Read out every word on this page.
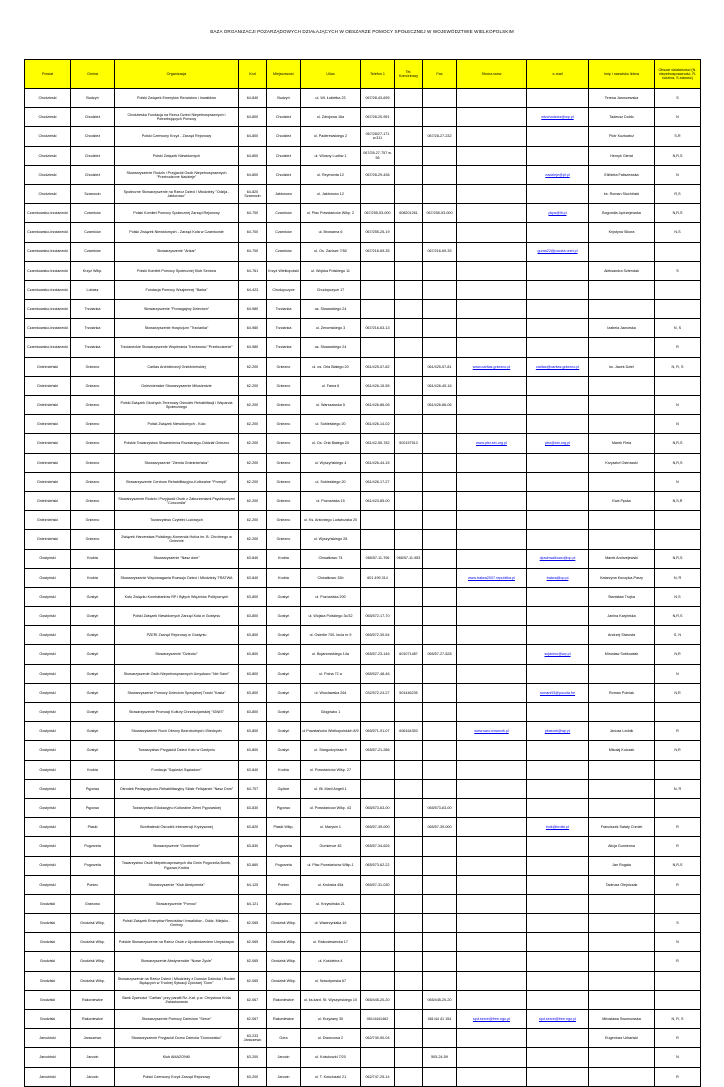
BAZA ORGANIZACJI POZARZĄDOWYCH DZIAŁAJĄCYCH W OBSZARZE POMOCY SPOŁECZNEJ W WOJEWÓDZTWIE WIELKOPOLSKIM
Powiat	Gmina	Organizacja	Kod	Miejscowość	Ulica	Telefon 1	Tel. Komórkowy	Fax	Strona www	e-mail	imię i nazwisko lidera	Obszar działalności (N-niepełnosprawność, R-rodzina, S-starość)
Chodzieski	Budzyń	Polski Związek Emerytów Rencistów i Inwalidów	64-840	Budzyń	ul. Wł. Łokietka 23	067/28-43-695					Teresa Jaroszewska	S
Chodzieski	Chodzież	Chodzieska Fundacja na Rzecz Dzieci Niepełnosprawnych i Potrzebujących Pomocy	64-800	Chodzież	ul. Zdrojowa 16a	067/28-20-951				wtzchodziez@wp.pl	Tadeusz Doldo	N
Chodzieski	Chodzież	Polski Czerwony Krzyż - Zarząd Rejonowy	64-800	Chodzież	ul. Paderewskiego 2	067/28/27-171 w.311		067/28-27-232			Piotr Kozłowicz	S,R
Chodzieski	Chodzież	Polski Związek Niewidomych	64-800	Chodzież	ul. Wiosny Ludów 1	067/28-27-757 w. 55					Henryk Gierat	N,R,S
Chodzieski	Chodzież	Stowarzyszenie Rodzin i Przyjaciół Osób Niepełnosprawnych "Przebudzone Nadzieje"	64-800	Chodzież	ul. Reymonta 12	067/28-29-436				nadzieje@pf.pl	Elżbieta Faliszewska	N
Chodzieski	Szamocin	Społeczne Stowarzyszenie na Rzecz Dzieci i Młodzieży "Odzija - Jaktorowo"	64-820 Szamocin	Jaktorowo	ul. Jaktorowo 12						ks. Roman Słuchiński	R,S
Czarnkowsko-trzcianecki	Czarnków	Polski Komitet Pomocy Społecznej Zarząd Rejonowy	64-700	Czarnków	ul. Plac Powstańców Wlkp. 2	067/255-53-000	608201261	067/255-53-000		pkps@lit.pl	Bogumiła Jędrzejewska	N,R,S
Czarnkowsko-trzcianecki	Czarnków	Polski Związek Niewidomych - Zarząd Koła w Czarnkowie	64-700	Czarnków	ul. Browarna 6	067/255-25-19					Krystyna Sikora	N,S
Czarnkowsko-trzcianecki	Czarnków	Stowarzyszenie "Ankar"	64-700	Czarnków	ul. Os. Zacisze 7/50	067/216-69-35		067/216-69-35		guma22@poczta.onet.pl		
Czarnkowsko-trzcianecki	Krzyż Wlkp.	Polski Komitet Pomocy Społecznej Klub Seniora	64-761	Krzyż Wielkopolski	ul. Wojska Polskiego 11						Aleksandra Sztendak	S
Czarnkowsko-trzcianecki	Lubasz	Fundacja Pomocy Wzajemnej "Barka"	64-423	Chudopczyce	Chudopczyce 17							
Czarnkowsko-trzcianecki	Trzcianka	Stowarzyszenie "Pomagajmy Dzieciom"	64-980	Trzcianka	os. Słowackiego 24							
Czarnkowsko-trzcianecki	Trzcianka	Stowarzyszenie Hospicjum "Trzcianka"	64-980	Trzcianka	ul. Żeromskiego 3	067/216-63-13					Izabela Jaworska	N, S
Czarnkowsko-trzcianecki	Trzcianka	Trzcianeckie Stowarzyszenie Wspierania Trzeźwości "Przebudzenie"	64-980	Trzcianka	os. Słowackiego 24							R
Gnieźnieński	Gniezno	Caritas Archidiecezji Gnieźnieńskiej	62-200	Gniezno	ul. os. Orla Białego 20	061/425-57-82		061/425-57-81	www.caritas.gniezno.pl	caritas@caritas.gniezno.pl	ks. Jacek Dziel	N, R, S
Gnieźnieński	Gniezno	Gnieźnieńskie Stowarzyszenie Milosierdzie	62-200	Gniezno	ul. Fama 6	061/426-15-55		061/426-45-16				
Gnieźnieński	Gniezno	Polski Związek Głuchych-Terenowy Ośrodek Rehabilitacji i Wsparcia Społecznego	62-200	Gniezno	ul. Warszawska 5	061/426-86-06		061/426-86-06				N
Gnieźnieński	Gniezno	Polski Związek Niewidomych - Koło	62-200	Gniezno	ul. Sobieskiego 20	061/426-14-02						N
Gnieźnieński	Gniezno	Polskie Towarzystwo Stwardnienia Rozsianego-Oddział Gniezno	62-200	Gniezno	ul. Os. Orla Białego 20	061/42-55-782	502157513		www.ptsr.stn.org.pl	ptsr@stn.org.pl	Marek Fiela	N,R,S
Gnieźnieński	Gniezno	Stowarzyszenie "Ziemia Gnieźnieńska"	62-200	Gniezno	ul. Wyszyńskiego 4	061/426-44-15					Krzysztof Ostrowski	N,R,S
Gnieźnieński	Gniezno	Stowarzyszenie Centrum Rehabilitacyjno-Kulturalne "Promyk"	62-200	Gniezno	ul. Sobieskiego 20	061/426-17-27						N
Gnieźnieński	Gniezno	Stowarzyszenie Rodzin i Przyjaciół Osób z Zaburzeniami Psychicznymi "Concordia"	62-200	Gniezno	ul. Poznańska 15	061/423-85-00					Ewa Pęska	N,S,R
Gnieźnieński	Gniezno	Towarzystwo Czytelni Ludowych	62-200	Gniezno	ul. Ks. Antoniego Ludwiczaka 20							
Gnieźnieński	Gniezno	Związek Harcerstwa Polskiego-Komenda Hufca im. B. Chrobrego w Gnieźnie	62-200	Gniezno	ul. Wyszyńskiego 28							
Gostyński	Krobia	Stowarzyszenie "Nasz dom"	63-840	Krobia	Chwałkowo 74	065/57-11-706	065/57-11-953			dpschwalkowo@op.pl	Marek Andrzejewski	N,R,S
Gostyński	Krobia	Stowarzyszenie Wspomagania Rozwoju Dzieci i Młodzieży TRATWA	63-840	Krobia	Chwałkowo 33b	601 499 314			www.tratwa2007.republika.pl	tratwa@op.pl	Katarzyna Konopka-Parzy	N, R
Gostyński	Gostyń	Koło Związku Kombatantów RP i Byłych Więźniów Politycznych	63-800	Gostyń	ul. Poznańska 200						Stanisław Trojka	N,S
Gostyński	Gostyń	Polski Związek Niewidomych Zarząd Koła w Gostyniu	63-800	Gostyń	ul. Wojska Polskiego 3c/32	065/572-17-70					Janina Karpińska	N,R,S
Gostyński	Gostyń	PZERI Zarząd Rejonowy w Gostyniu	63-800	Gostyń	ul. Osiedle 700- lecia nr 9	065/572-30-54					Andrzej Starosta	S, N
Gostyński	Gostyń	Stowarzyszenie "Dziecko"	63-800	Gostyń	ul. Bojanowskiego 14a	065/57-23-146	601071487	065/57-27-528		sojanino@wp.pl	Mirosław Sobkowiak	N,R
Gostyński	Gostyń	Stowarzyszenie Osób Niepełnosprawnych Umysłowo "Nie Sami"	63-800	Gostyń	ul. Polna 72 a	065/527-48-46						N
Gostyński	Gostyń	Stowarzyszenie Pomocy Dzieciom Specjalnej Troski "Kasia"	63-800	Gostyń	ul. Wrocławska 264	032/572-24-27	501446235			romani93@poczta.fm	Roman Polniak	N,R
Gostyński	Gostyń	Stowarzyszenie Promocji Kultury Chrześcijańskiej "IGNIS"	63-800	Gostyń	Głogówko 1							
Gostyński	Gostyń	Stowarzyszenie Ruch Obrony Bezrobotnych i Biednych	63-800	Gostyń	ul Powstańców Wielkopolskich 8/9	065/571-91-07	606164353		www.saro.mwwork.pl	pbasmb@wp.pl	Janusz Lednik	R
Gostyński	Gostyń	Towarzystwo Przyjaciół Dzieci Koło w Gostyniu	63-800	Gostyń	ul. Stargodzyńska 9	065/57-21-286					Mikołaj Kulczak	N,R
Gostyński	Krobia	Fundacja "Sąsiedzi Sąsiadom"	63-840	Krobia	ul. Powstańców Wlkp. 27							
Gostyński	Pępowo	Ośrodek Pedagogiczno-Rehabilitacyjny Sióstr Felicjanek "Nasz Dom"	64-707	Gębice	ul. Bł. Marii Angeli 1							N, R
Gostyński	Pępowo	Towarzystwo Edukacyjno Kulturalne Ziemi Pępowskiej	63-830	Pępowo	ul. Powstańców Wlkp. 43	065/573-63-00		065/573-63-00				
Gostyński	Piaski	Bonifrateski Ośrodek Interwencji Kryzysowej	63-820	Piaski Wlkp.	ul. Marysin 1	065/57-39-000		065/57-39-000		boik@krotki.pl	Franciszek Sałaty Chmiel	R
Gostyński	Pogorzela	Stowarzyszenie "Gumienice"	63-830	Pogorzela	Gumience 45	065/57-34-626					Alicja Gumienna	R
Gostyński	Pogorzela	Towarzystwo Osób Niepełnosprawnych dla Gmin Pogorzela,Borek, Pępowo,Krobia	63-860	Pogorzela	ul. Plac Powstańców Wlkp.1	065/573-62-22					Jan Rogala	N,R,S
Gostyński	Poniec	Stowarzyszenie "Klub Abstynenta"	64-125	Poniec	ul. Krobska 45a	065/57-31-030					Tadeusz Olejniczak	R
Grodziski	Granowo	Stowarzyszenie "Pomoc"	64-121	Kąkolewo	ul. Krzywińska 21							
Grodziski	Grodzisk Wlkp.	Polski Związek Emerytów Rencistów i Inwalidów - Oddz. Miejsko - Gminny	62-065	Grodzisk Wlkp.	ul. Wawrzyniaka 16							S
Grodziski	Grodzisk Wlkp.	Polskie Stowarzyszenie na Rzecz Osób z Upośledzeniem Umysłowym	62-065	Grodzisk Wlkp.	ul. Rakoniewiecka 17							N
Grodziski	Grodzisk Wlkp.	Stowarzyszenie Abstynenckie "Nowe Życie"	62-065	Grodzisk Wlkp.	ul. Kościelna 4							R
Grodziski	Grodzisk Wlkp.	Stowarzyszenie na Rzecz Dzieci i Młodzieży z Domów Dziecka i Rodzin Będących w Trudnej Sytuacji Życiowej "Dom"	62-065	Grodzisk Wlkp.	ul. Nowotymska 67							
Grodziski	Rakoniewice	Bank Żywności "Caritas" przy parafii Rz.-Kat. p.w. Chrystusa Króla Zwiastowania	62-067	Rakoniewice	ul. ks.kard. St. Wyszyńskiego 10	065/445-20-20		065/445-20-20				
Grodziski	Rakoniewice	Stowarzyszenie Pomocy Dzieciom "Serce"	62-067	Rakoniewice	ul. Krzyżany 30	061/4441462		061/44 41 154	spd.serce@free.ngo.pl	spd.serce@free.ngo.pl	Mirosława Swornowska	N, R, S
Jarociński	Jaraczewo	Stowarzyszenie Przyjaciół Domu Dziecka "Domowisko"	63-233 Jaraczewo	Góra	ul. Dworcowa 2	062/740-90-04					Eugeniusz Urbański	R
Jarociński	Jarocin	Klub AMAZONKI	63-200	Jarocin	ul. Kościuszki 7/20			505-24-59				N
Jarociński	Jarocin	Polski Czerwony Krzyż Zarząd Rejonowy	63-200	Jarocin	ul. T. Kościuszki 21	062/747-25-14						R
